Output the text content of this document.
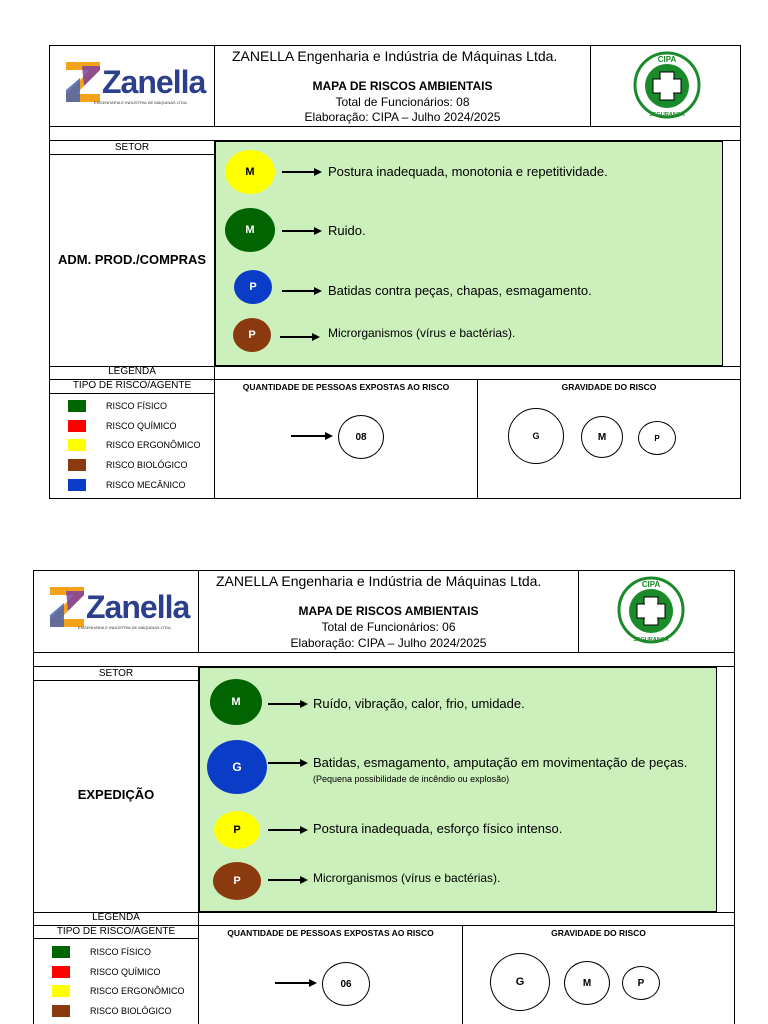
Zanella
ENGENHARIA E INDÚSTRIA DE MÁQUINAS LTDA.
ZANELLA Engenharia e Indústria de Máquinas Ltda.
MAPA DE RISCOS AMBIENTAIS
Total de Funcionários: 08
Elaboração: CIPA – Julho 2024/2025
CIPA
SEGURANÇA
SETOR
ADM. PROD./COMPRAS
M	Postura inadequada, monotonia e repetitividade.
M	Ruido.
P	Batidas contra peças, chapas, esmagamento.
P	Microrganismos (vírus e bactérias).
LEGENDA
TIPO DE RISCO/AGENTE
RISCO FÍSICO
RISCO QUÍMICO
RISCO ERGONÔMICO
RISCO BIOLÓGICO
RISCO MECÂNICO
QUANTIDADE DE PESSOAS EXPOSTAS AO RISCO	GRAVIDADE DO RISCO
08	G	M	P
Zanella
ENGENHARIA E INDÚSTRIA DE MÁQUINAS LTDA.
ZANELLA Engenharia e Indústria de Máquinas Ltda.
MAPA DE RISCOS AMBIENTAIS
Total de Funcionários: 06
Elaboração: CIPA – Julho 2024/2025
CIPA
SEGURANÇA
SETOR
EXPEDIÇÃO
M	Ruído, vibração, calor, frio, umidade.
G	Batidas, esmagamento, amputação em movimentação de peças.
(Pequena possibilidade de incêndio ou explosão)
P	Postura inadequada, esforço físico intenso.
P	Microrganismos (vírus e bactérias).
LEGENDA
TIPO DE RISCO/AGENTE
RISCO FÍSICO
RISCO QUÍMICO
RISCO ERGONÔMICO
RISCO BIOLÓGICO
QUANTIDADE DE PESSOAS EXPOSTAS AO RISCO	GRAVIDADE DO RISCO
06	G	M	P
